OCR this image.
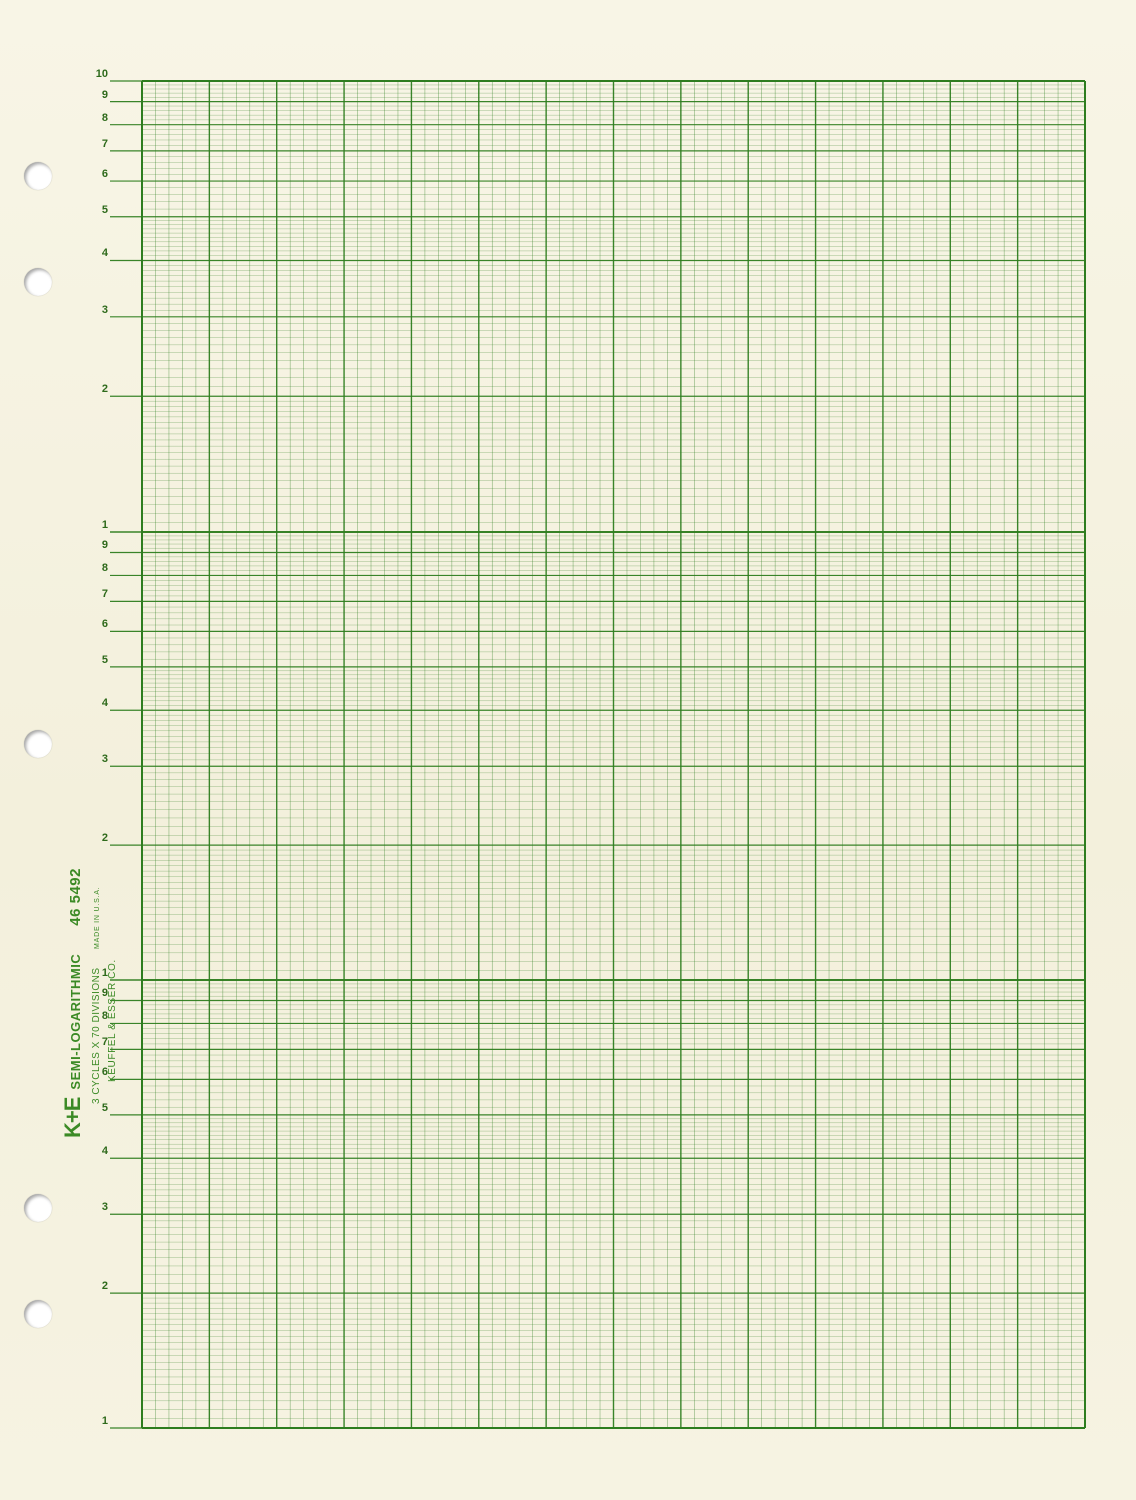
10
9
8
7
6
5
4
3
2
1
9
8
7
6
5
4
3
2
1
9
8
7
6
5
4
3
2
1
K+E
SEMI-LOGARITHMIC
46 5492
3 CYCLES X 70 DIVISIONS MADE IN U.S.A.
KEUFFEL & ESSER CO.
